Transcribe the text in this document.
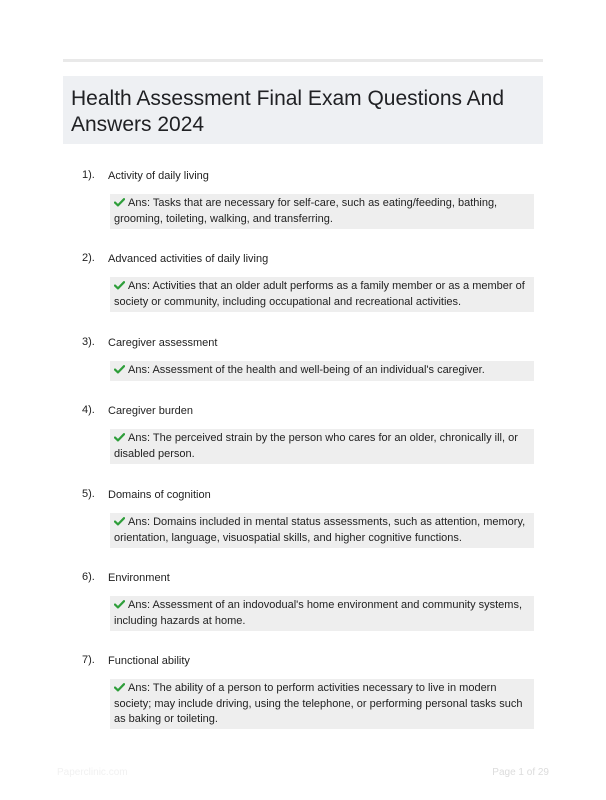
Health Assessment Final Exam Questions And Answers 2024
1). Activity of daily living
Ans: Tasks that are necessary for self-care, such as eating/feeding, bathing, grooming, toileting, walking, and transferring.
2). Advanced activities of daily living
Ans: Activities that an older adult performs as a family member or as a member of society or community, including occupational and recreational activities.
3). Caregiver assessment
Ans: Assessment of the health and well-being of an individual's caregiver.
4). Caregiver burden
Ans: The perceived strain by the person who cares for an older, chronically ill, or disabled person.
5). Domains of cognition
Ans: Domains included in mental status assessments, such as attention, memory, orientation, language, visuospatial skills, and higher cognitive functions.
6). Environment
Ans: Assessment of an indovodual's home environment and community systems, including hazards at home.
7). Functional ability
Ans: The ability of a person to perform activities necessary to live in modern society; may include driving, using the telephone, or performing personal tasks such as baking or toileting.
Paperclinic.com	Page 1 of 29
